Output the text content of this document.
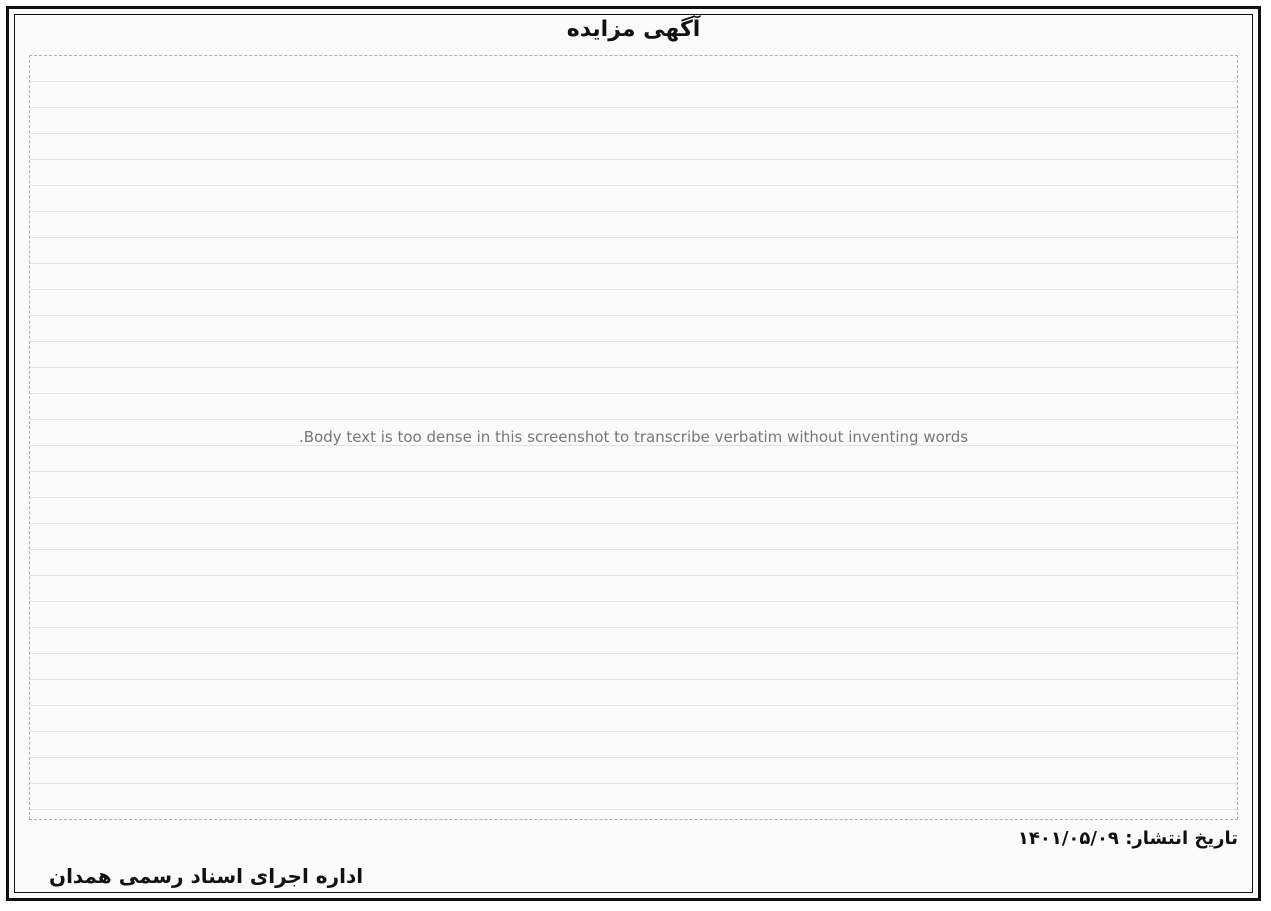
آگهی مزایده
Body text is too dense in this screenshot to transcribe verbatim without inventing words.
تاریخ انتشار: ۱۴۰۱/۰۵/۰۹
اداره اجرای اسناد رسمی همدان
